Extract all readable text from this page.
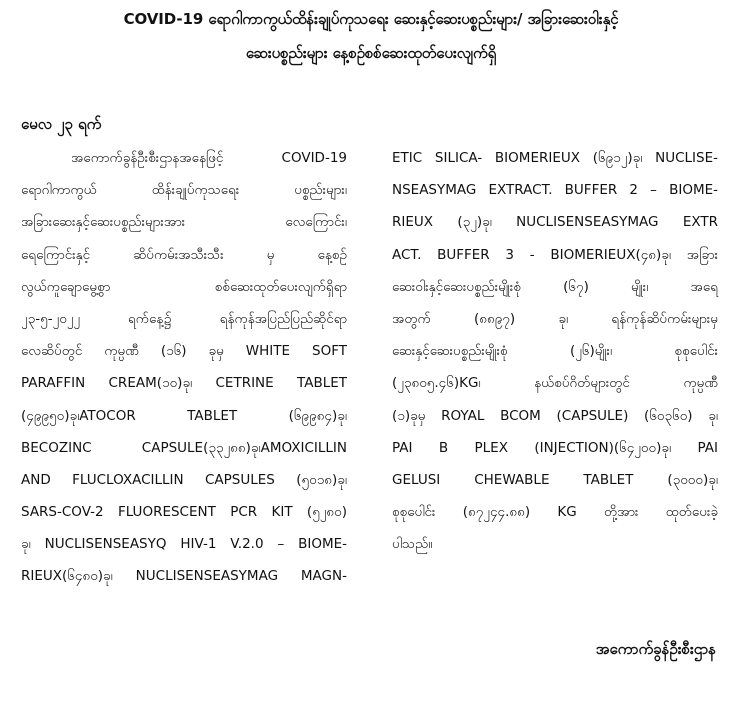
COVID-19 ရောဂါကာကွယ်ထိန်းချုပ်ကုသရေး ဆေးနှင့်ဆေးပစ္စည်းများ/ အခြားဆေးဝါးနှင့်
ဆေးပစ္စည်းများ နေ့စဉ်စစ်ဆေးထုတ်ပေးလျက်ရှိ
မေလ ၂၃ ရက်
အကောက်ခွန်ဦးစီးဌာနအနေဖြင့် COVID-19
ရောဂါကာကွယ် ထိန်းချုပ်ကုသရေး ပစ္စည်းများ၊
အခြားဆေးနှင့်ဆေးပစ္စည်းများအား လေကြောင်း၊
ရေကြောင်းနှင့် ဆိပ်ကမ်းအသီးသီး မှ နေ့စဉ်
လွယ်ကူချောမွေ့စွာ စစ်ဆေးထုတ်ပေးလျက်ရှိရာ
၂၃-၅-၂၀၂၂ ရက်နေ့၌ ရန်ကုန်အပြည်ပြည်ဆိုင်ရာ
လေဆိပ်တွင် ကုမ္ပဏီ (၁၆) ခုမှ WHITE SOFT
PARAFFIN CREAM(၁၀)ခု၊ CETRINE TABLET
(၄၉၉၅၀)ခု၊ATOCOR TABLET (၆၉၉၈၄)ခု၊
BECOZINC CAPSULE(၃၃၂၈၈)ခု၊AMOXICILLIN
AND FLUCLOXACILLIN CAPSULES (၅၀၁၈)ခု၊
SARS-COV-2 FLUORESCENT PCR KIT (၅၂၈၀)
ခု၊ NUCLISENSEASYQ HIV-1 V.2.0 – BIOME-
RIEUX(၆၄၈၀)ခု၊ NUCLISENSEASYMAG MAGN-
ETIC SILICA- BIOMERIEUX (၆၉၁၂)ခု၊ NUCLISE-
NSEASYMAG EXTRACT. BUFFER 2 – BIOME-
RIEUX (၃၂)ခု၊ NUCLISENSEASYMAG EXTR
ACT. BUFFER 3 - BIOMERIEUX(၄၈)ခု၊ အခြား
ဆေးဝါးနှင့်ဆေးပစ္စည်းမျိုးစုံ (၆၇) မျိုး၊ အရေ
အတွက် (၈၈၉၇) ခု၊ ရန်ကုန်ဆိပ်ကမ်းများမှ
ဆေးနှင့်ဆေးပစ္စည်းမျိုးစုံ (၂၆)မျိုး၊ စုစုပေါင်း
(၂၃၈၀၅.၄၆)KG၊ နယ်စပ်ဂိတ်များတွင် ကုမ္ပဏီ
(၁)ခုမှ ROYAL BCOM (CAPSULE) (၆၀၃၆၀) ခု၊
PAI B PLEX (INJECTION)(၆၄၂၀၀)ခု၊ PAI
GELUSI CHEWABLE TABLET (၃၀၀၀)ခု၊
စုစုပေါင်း (၈၇၂၄၄.၈၈) KG တို့အား ထုတ်ပေးခဲ့
ပါသည်။
အကောက်ခွန်ဦးစီးဌာန
